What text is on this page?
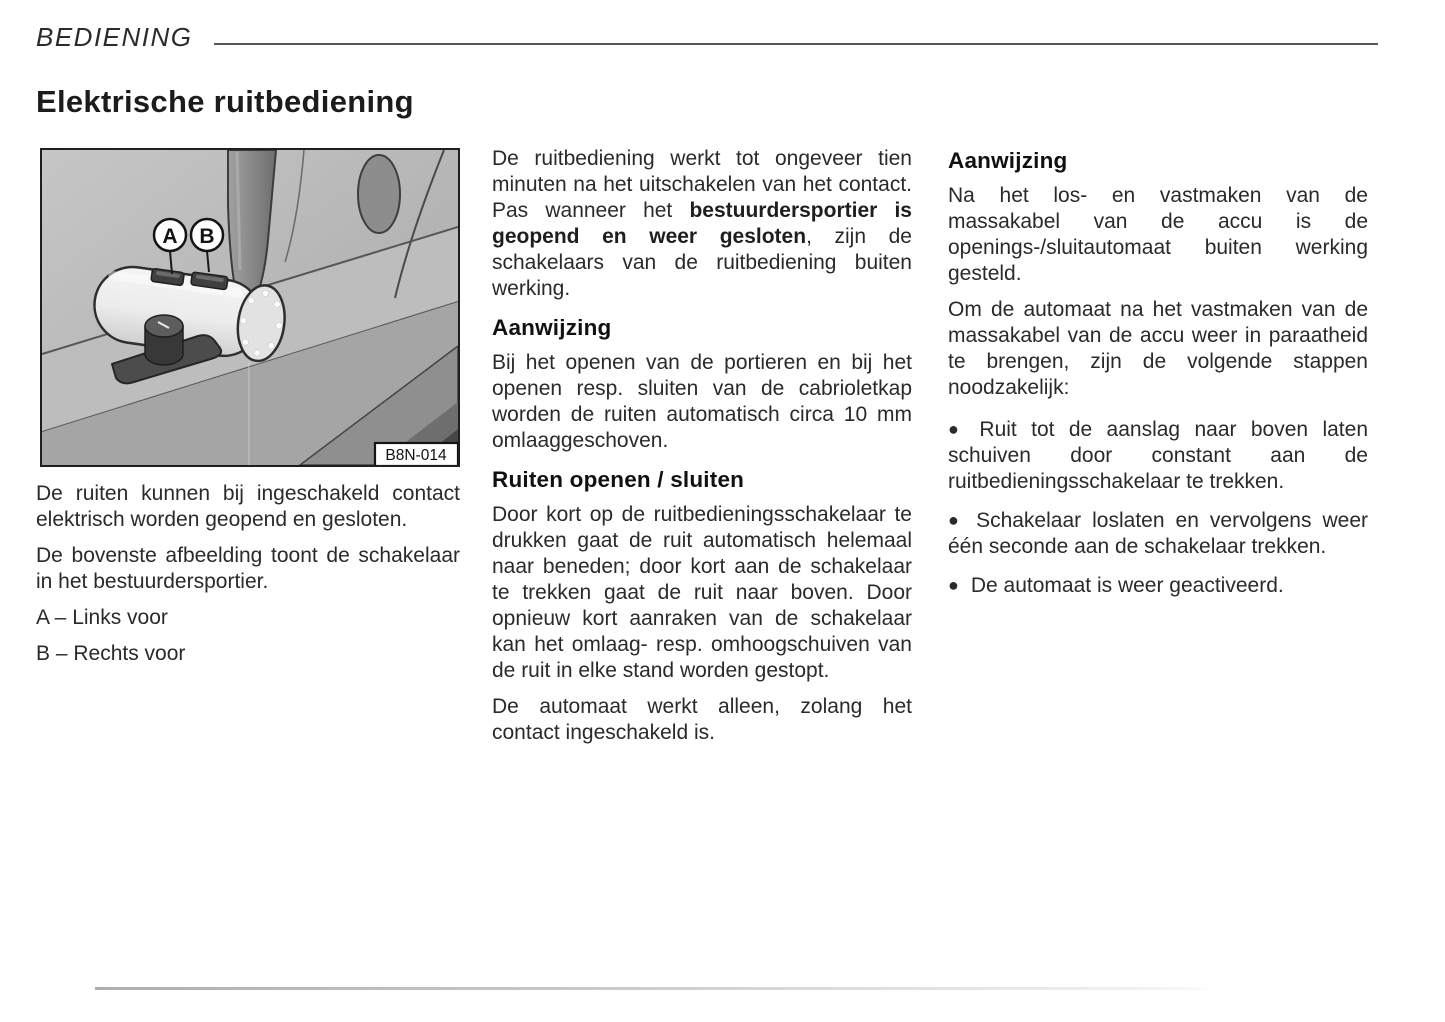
BEDIENING
Elektrische ruitbediening
A B
B8N-014

De ruiten kunnen bij ingeschakeld contact elektrisch worden geopend en gesloten.

De bovenste afbeelding toont de schakelaar in het bestuurdersportier.

A – Links voor

B – Rechts voor

De ruitbediening werkt tot ongeveer tien minuten na het uitschakelen van het contact. Pas wanneer het bestuurdersportier is geopend en weer gesloten, zijn de schakelaars van de ruitbediening buiten werking.

Aanwijzing

Bij het openen van de portieren en bij het openen resp. sluiten van de cabrioletkap worden de ruiten automatisch circa 10 mm omlaaggeschoven.

Ruiten openen / sluiten

Door kort op de ruitbedieningsschakelaar te drukken gaat de ruit automatisch helemaal naar beneden; door kort aan de schakelaar te trekken gaat de ruit naar boven. Door opnieuw kort aanraken van de schakelaar kan het omlaag- resp. omhoogschuiven van de ruit in elke stand worden gestopt.

De automaat werkt alleen, zolang het contact ingeschakeld is.

Aanwijzing

Na het los- en vastmaken van de massakabel van de accu is de openings-/sluitautomaat buiten werking gesteld.

Om de automaat na het vastmaken van de massakabel van de accu weer in paraatheid te brengen, zijn de volgende stappen noodzakelijk:

● Ruit tot de aanslag naar boven laten schuiven door constant aan de ruitbedieningsschakelaar te trekken.
● Schakelaar loslaten en vervolgens weer één seconde aan de schakelaar trekken.
● De automaat is weer geactiveerd.
